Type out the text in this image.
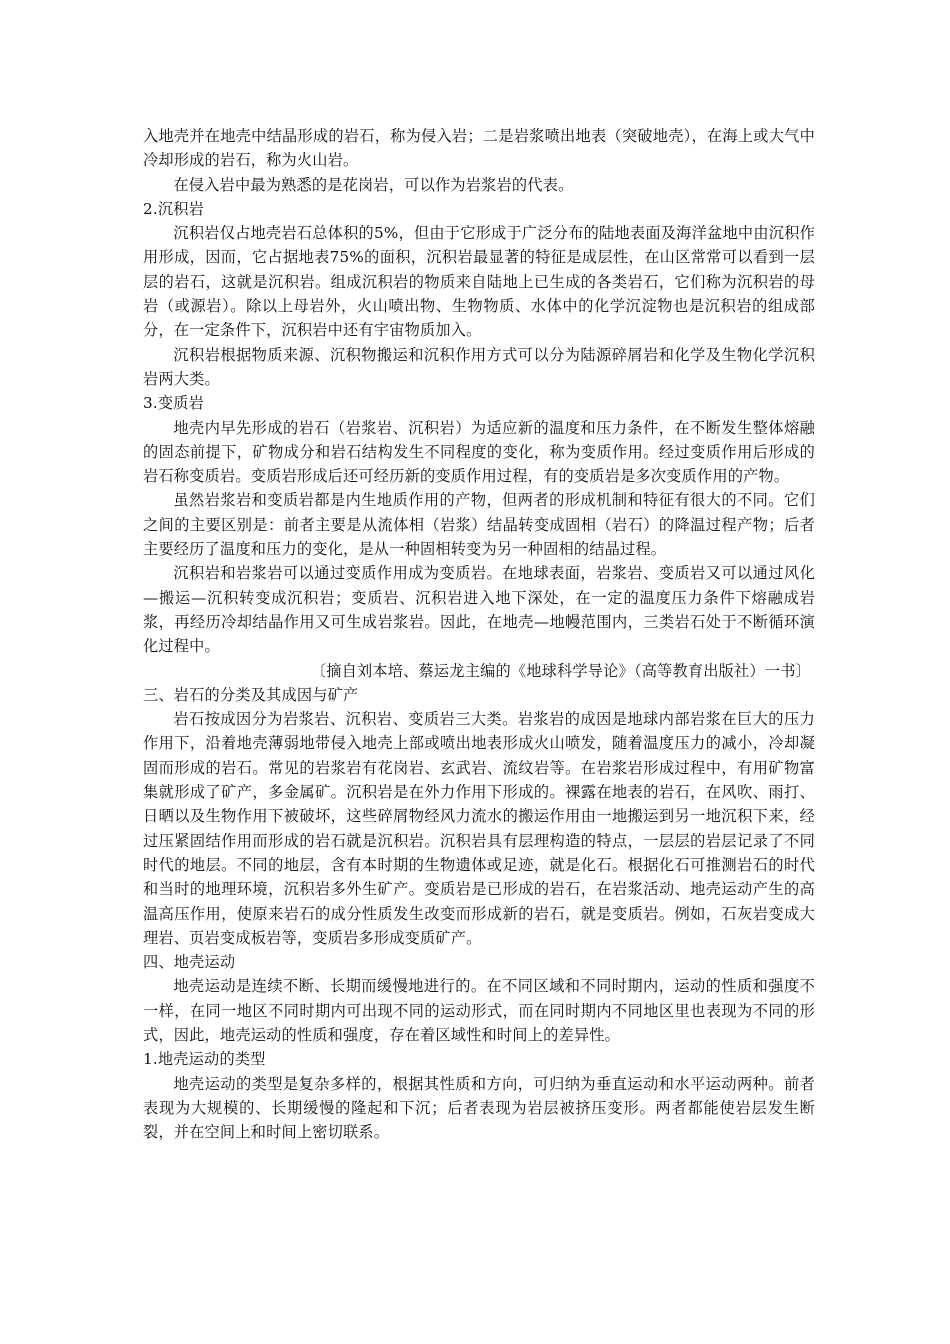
入地壳并在地壳中结晶形成的岩石，称为侵入岩；二是岩浆喷出地表（突破地壳），在海上或大气中冷却形成的岩石，称为火山岩。

在侵入岩中最为熟悉的是花岗岩，可以作为岩浆岩的代表。

2.沉积岩

沉积岩仅占地壳岩石总体积的5%，但由于它形成于广泛分布的陆地表面及海洋盆地中由沉积作用形成，因而，它占据地表75%的面积，沉积岩最显著的特征是成层性，在山区常常可以看到一层层的岩石，这就是沉积岩。组成沉积岩的物质来自陆地上已生成的各类岩石，它们称为沉积岩的母岩（或源岩）。除以上母岩外，火山喷出物、生物物质、水体中的化学沉淀物也是沉积岩的组成部分，在一定条件下，沉积岩中还有宇宙物质加入。

沉积岩根据物质来源、沉积物搬运和沉积作用方式可以分为陆源碎屑岩和化学及生物化学沉积岩两大类。

3.变质岩

地壳内早先形成的岩石（岩浆岩、沉积岩）为适应新的温度和压力条件，在不断发生整体熔融的固态前提下，矿物成分和岩石结构发生不同程度的变化，称为变质作用。经过变质作用后形成的岩石称变质岩。变质岩形成后还可经历新的变质作用过程，有的变质岩是多次变质作用的产物。

虽然岩浆岩和变质岩都是内生地质作用的产物，但两者的形成机制和特征有很大的不同。它们之间的主要区别是：前者主要是从流体相（岩浆）结晶转变成固相（岩石）的降温过程产物；后者主要经历了温度和压力的变化，是从一种固相转变为另一种固相的结晶过程。

沉积岩和岩浆岩可以通过变质作用成为变质岩。在地球表面，岩浆岩、变质岩又可以通过风化—搬运—沉积转变成沉积岩；变质岩、沉积岩进入地下深处，在一定的温度压力条件下熔融成岩浆，再经历冷却结晶作用又可生成岩浆岩。因此，在地壳—地幔范围内，三类岩石处于不断循环演化过程中。

〔摘自刘本培、蔡运龙主编的《地球科学导论》（高等教育出版社）一书〕

三、岩石的分类及其成因与矿产

岩石按成因分为岩浆岩、沉积岩、变质岩三大类。岩浆岩的成因是地球内部岩浆在巨大的压力作用下，沿着地壳薄弱地带侵入地壳上部或喷出地表形成火山喷发，随着温度压力的减小，冷却凝固而形成的岩石。常见的岩浆岩有花岗岩、玄武岩、流纹岩等。在岩浆岩形成过程中，有用矿物富集就形成了矿产，多金属矿。沉积岩是在外力作用下形成的。裸露在地表的岩石，在风吹、雨打、日晒以及生物作用下被破坏，这些碎屑物经风力流水的搬运作用由一地搬运到另一地沉积下来，经过压紧固结作用而形成的岩石就是沉积岩。沉积岩具有层理构造的特点，一层层的岩层记录了不同时代的地层。不同的地层，含有本时期的生物遗体或足迹，就是化石。根据化石可推测岩石的时代和当时的地理环境，沉积岩多外生矿产。变质岩是已形成的岩石，在岩浆活动、地壳运动产生的高温高压作用，使原来岩石的成分性质发生改变而形成新的岩石，就是变质岩。例如，石灰岩变成大理岩、页岩变成板岩等，变质岩多形成变质矿产。

四、地壳运动

地壳运动是连续不断、长期而缓慢地进行的。在不同区域和不同时期内，运动的性质和强度不一样，在同一地区不同时期内可出现不同的运动形式，而在同时期内不同地区里也表现为不同的形式，因此，地壳运动的性质和强度，存在着区域性和时间上的差异性。

1.地壳运动的类型

地壳运动的类型是复杂多样的，根据其性质和方向，可归纳为垂直运动和水平运动两种。前者表现为大规模的、长期缓慢的隆起和下沉；后者表现为岩层被挤压变形。两者都能使岩层发生断裂，并在空间上和时间上密切联系。
